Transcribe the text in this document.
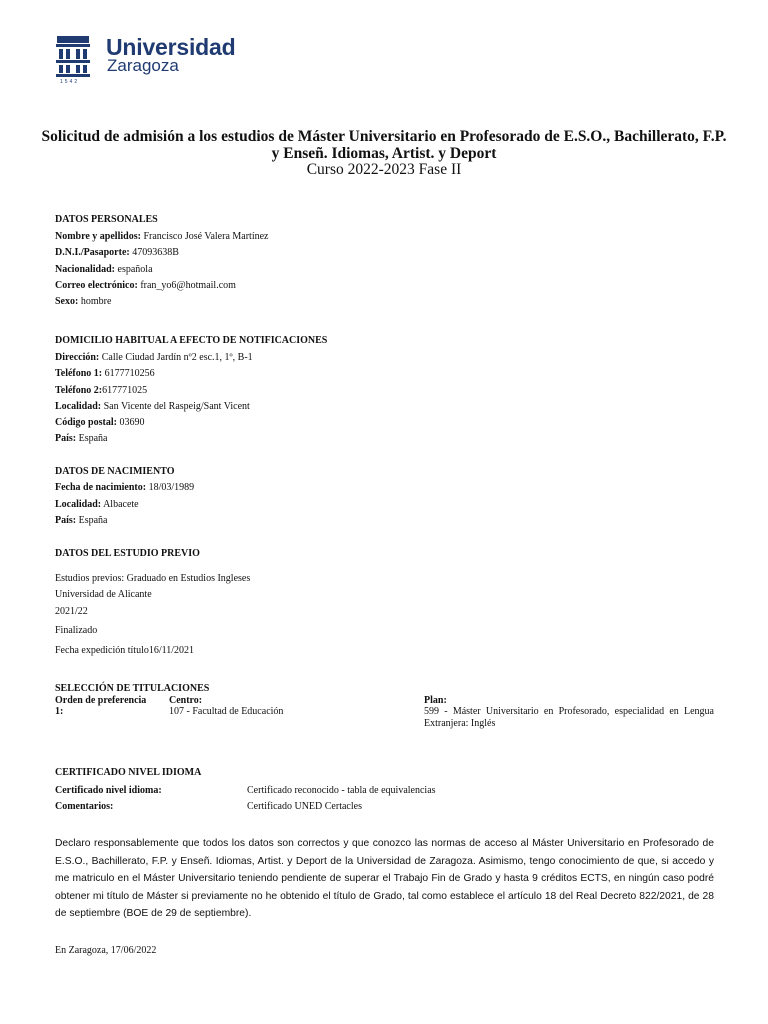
Universidad
Zaragoza
1542
Solicitud de admisión a los estudios de Máster Universitario en Profesorado de E.S.O., Bachillerato, F.P. y Enseñ. Idiomas, Artist. y Deport
Curso 2022-2023 Fase II
DATOS PERSONALES
Nombre y apellidos: Francisco José Valera Martínez
D.N.I./Pasaporte: 47093638B
Nacionalidad: española
Correo electrónico: fran_yo6@hotmail.com
Sexo: hombre
DOMICILIO HABITUAL A EFECTO DE NOTIFICACIONES
Dirección: Calle Ciudad Jardín nº2 esc.1, 1º, B-1
Teléfono 1: 6177710256
Teléfono 2:617771025
Localidad: San Vicente del Raspeig/Sant Vicent
Código postal: 03690
País: España
DATOS DE NACIMIENTO
Fecha de nacimiento: 18/03/1989
Localidad: Albacete
País: España
DATOS DEL ESTUDIO PREVIO
Estudios previos: Graduado en Estudios Ingleses
Universidad de Alicante
2021/22
Finalizado
Fecha expedición título16/11/2021
SELECCIÓN DE TITULACIONES
Orden de preferencia Centro:	Plan:
1:	107 - Facultad de Educación	599 - Máster Universitario en Profesorado, especialidad en Lengua
Extranjera: Inglés
CERTIFICADO NIVEL IDIOMA
Certificado nivel idioma:	Certificado reconocido - tabla de equivalencias
Comentarios:	Certificado UNED Certacles
Declaro responsablemente que todos los datos son correctos y que conozco las normas de acceso al Máster Universitario en Profesorado de E.S.O., Bachillerato, F.P. y Enseñ. Idiomas, Artist. y Deport de la Universidad de Zaragoza. Asimismo, tengo conocimiento de que, si accedo y me matriculo en el Máster Universitario teniendo pendiente de superar el Trabajo Fin de Grado y hasta 9 créditos ECTS, en ningún caso podré obtener mi título de Máster si previamente no he obtenido el título de Grado, tal como establece el artículo 18 del Real Decreto 822/2021, de 28 de septiembre (BOE de 29 de septiembre).
En Zaragoza, 17/06/2022
